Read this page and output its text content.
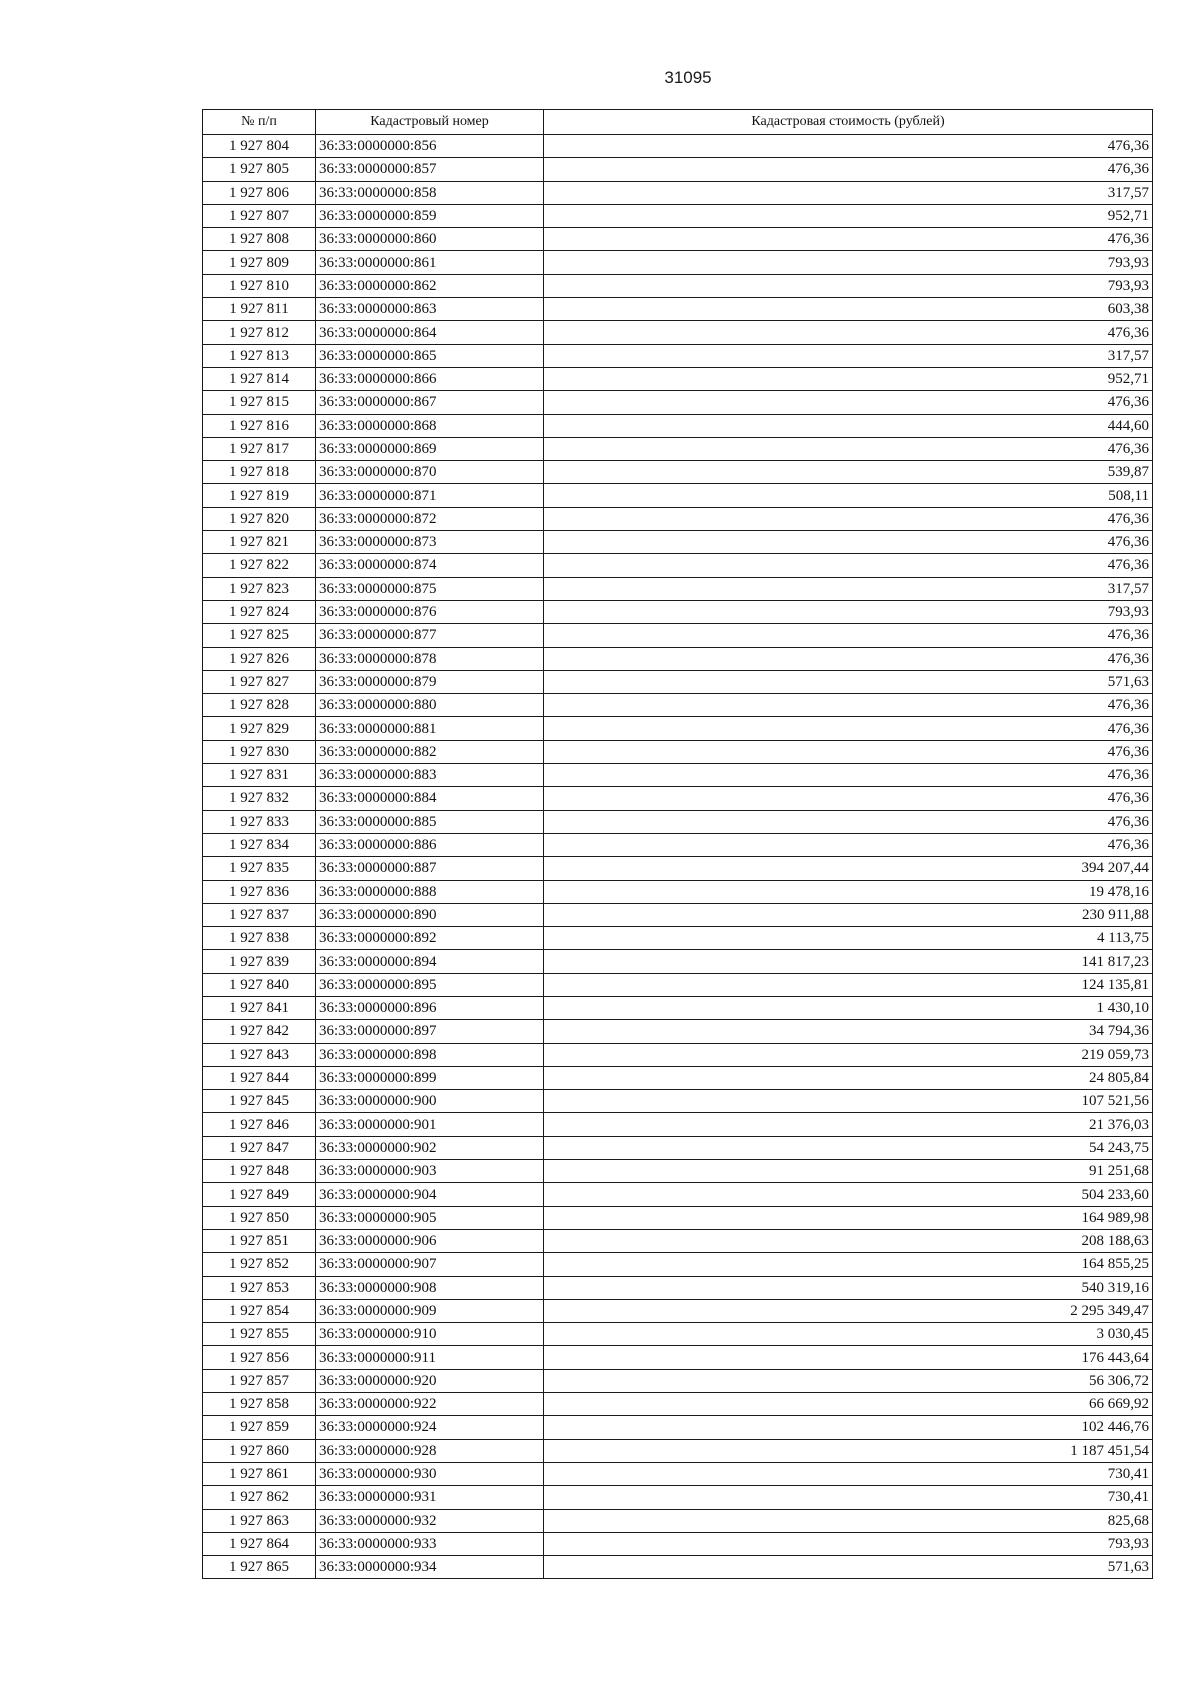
31095
№ п/п	Кадастровый номер	Кадастровая стоимость (рублей)
1 927 804	36:33:0000000:856	476,36
1 927 805	36:33:0000000:857	476,36
1 927 806	36:33:0000000:858	317,57
1 927 807	36:33:0000000:859	952,71
1 927 808	36:33:0000000:860	476,36
1 927 809	36:33:0000000:861	793,93
1 927 810	36:33:0000000:862	793,93
1 927 811	36:33:0000000:863	603,38
1 927 812	36:33:0000000:864	476,36
1 927 813	36:33:0000000:865	317,57
1 927 814	36:33:0000000:866	952,71
1 927 815	36:33:0000000:867	476,36
1 927 816	36:33:0000000:868	444,60
1 927 817	36:33:0000000:869	476,36
1 927 818	36:33:0000000:870	539,87
1 927 819	36:33:0000000:871	508,11
1 927 820	36:33:0000000:872	476,36
1 927 821	36:33:0000000:873	476,36
1 927 822	36:33:0000000:874	476,36
1 927 823	36:33:0000000:875	317,57
1 927 824	36:33:0000000:876	793,93
1 927 825	36:33:0000000:877	476,36
1 927 826	36:33:0000000:878	476,36
1 927 827	36:33:0000000:879	571,63
1 927 828	36:33:0000000:880	476,36
1 927 829	36:33:0000000:881	476,36
1 927 830	36:33:0000000:882	476,36
1 927 831	36:33:0000000:883	476,36
1 927 832	36:33:0000000:884	476,36
1 927 833	36:33:0000000:885	476,36
1 927 834	36:33:0000000:886	476,36
1 927 835	36:33:0000000:887	394 207,44
1 927 836	36:33:0000000:888	19 478,16
1 927 837	36:33:0000000:890	230 911,88
1 927 838	36:33:0000000:892	4 113,75
1 927 839	36:33:0000000:894	141 817,23
1 927 840	36:33:0000000:895	124 135,81
1 927 841	36:33:0000000:896	1 430,10
1 927 842	36:33:0000000:897	34 794,36
1 927 843	36:33:0000000:898	219 059,73
1 927 844	36:33:0000000:899	24 805,84
1 927 845	36:33:0000000:900	107 521,56
1 927 846	36:33:0000000:901	21 376,03
1 927 847	36:33:0000000:902	54 243,75
1 927 848	36:33:0000000:903	91 251,68
1 927 849	36:33:0000000:904	504 233,60
1 927 850	36:33:0000000:905	164 989,98
1 927 851	36:33:0000000:906	208 188,63
1 927 852	36:33:0000000:907	164 855,25
1 927 853	36:33:0000000:908	540 319,16
1 927 854	36:33:0000000:909	2 295 349,47
1 927 855	36:33:0000000:910	3 030,45
1 927 856	36:33:0000000:911	176 443,64
1 927 857	36:33:0000000:920	56 306,72
1 927 858	36:33:0000000:922	66 669,92
1 927 859	36:33:0000000:924	102 446,76
1 927 860	36:33:0000000:928	1 187 451,54
1 927 861	36:33:0000000:930	730,41
1 927 862	36:33:0000000:931	730,41
1 927 863	36:33:0000000:932	825,68
1 927 864	36:33:0000000:933	793,93
1 927 865	36:33:0000000:934	571,63
